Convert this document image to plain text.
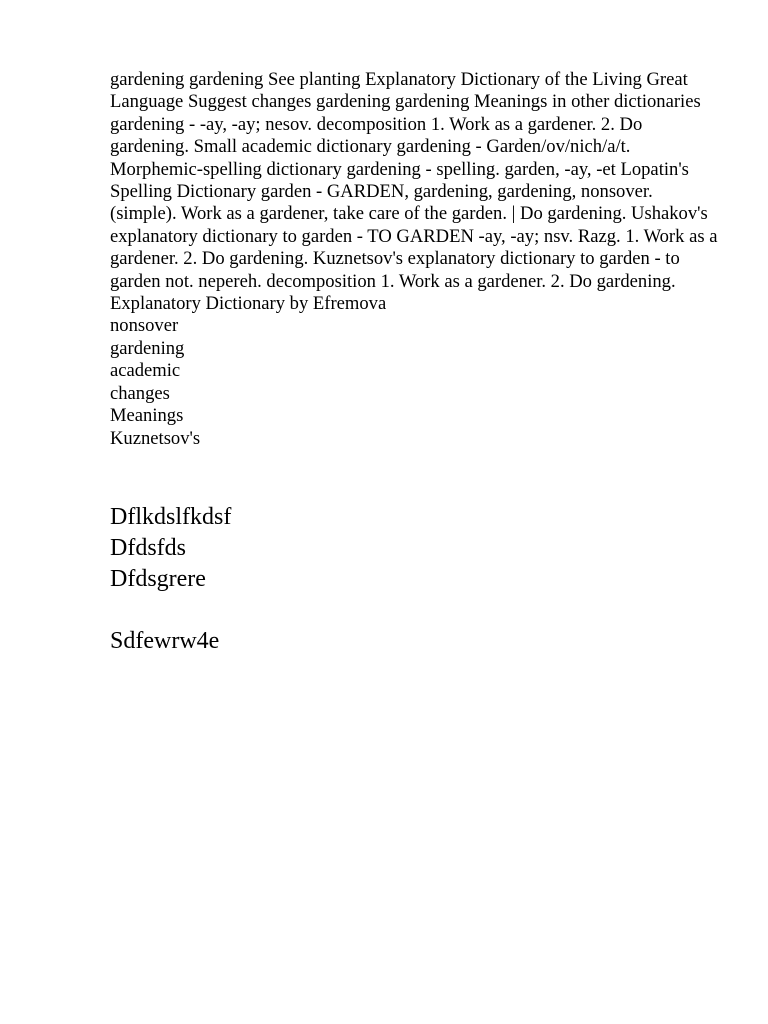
gardening gardening See planting Explanatory Dictionary of the Living Great Language Suggest changes gardening gardening Meanings in other dictionaries gardening - -ay, -ay; nesov. decomposition 1. Work as a gardener. 2. Do gardening. Small academic dictionary gardening - Garden/ov/nich/a/t. Morphemic-spelling dictionary gardening - spelling. garden, -ay, -et Lopatin's Spelling Dictionary garden - GARDEN, gardening, gardening, nonsover. (simple). Work as a gardener, take care of the garden. | Do gardening. Ushakov's explanatory dictionary to garden - TO GARDEN -ay, -ay; nsv. Razg. 1. Work as a gardener. 2. Do gardening. Kuznetsov's explanatory dictionary to garden - to garden not. nepereh. decomposition 1. Work as a gardener. 2. Do gardening. Explanatory Dictionary by Efremova

nonsover
gardening
academic
changes
Meanings
Kuznetsov's
Dflkdslfkdsf
Dfdsfds
Dfdsgrere
Sdfewrw4e
